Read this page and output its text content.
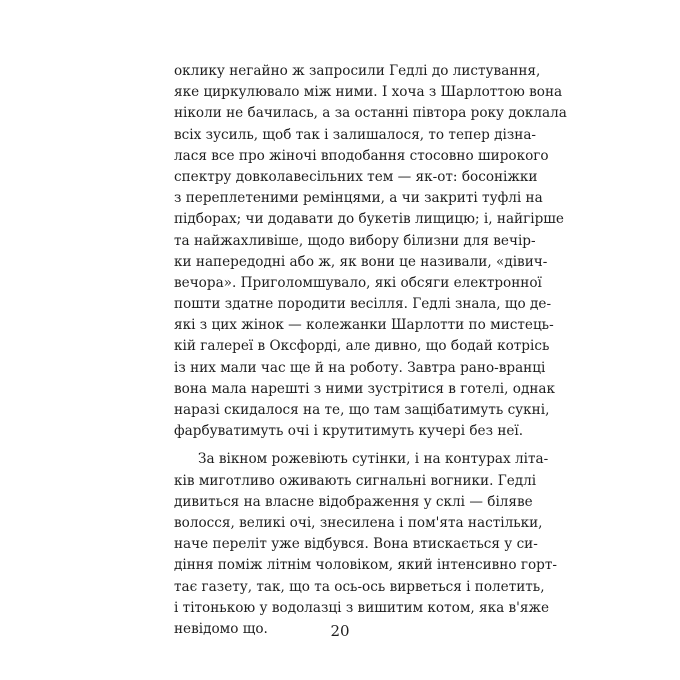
оклику негайно ж запросили Гедлі до листування,
яке циркулювало між ними. І хоча з Шарлоттою вона
ніколи не бачилась, а за останні півтора року доклала
всіх зусиль, щоб так і залишалося, то тепер дізна-
лася все про жіночі вподобання стосовно широкого
спектру довколавесільних тем — як-от: босоніжки
з переплетеними ремінцями, а чи закриті туфлі на
підборах; чи додавати до букетів лищицю; і, найгірше
та найжахливіше, щодо вибору білизни для вечір-
ки напередодні або ж, як вони це називали, «дівич-
вечора». Приголомшувало, які обсяги електронної
пошти здатне породити весілля. Гедлі знала, що де-
які з цих жінок — колежанки Шарлотти по мистець-
кій галереї в Оксфорді, але дивно, що бодай котрісь
із них мали час ще й на роботу. Завтра рано-вранці
вона мала нарешті з ними зустрітися в готелі, однак
наразі скидалося на те, що там защібатимуть сукні,
фарбуватимуть очі і крутитимуть кучері без неї.
За вікном рожевіють сутінки, і на контурах літа-
ків миготливо оживають сигнальні вогники. Гедлі
дивиться на власне відображення у склі — біляве
волосся, великі очі, знесилена і пом'ята настільки,
наче переліт уже відбувся. Вона втискається у си-
діння поміж літнім чоловіком, який інтенсивно горт-
тає газету, так, що та ось-ось вирветься і полетить,
і тітонькою у водолазці з вишитим котом, яка в'яже
невідомо що.	20
